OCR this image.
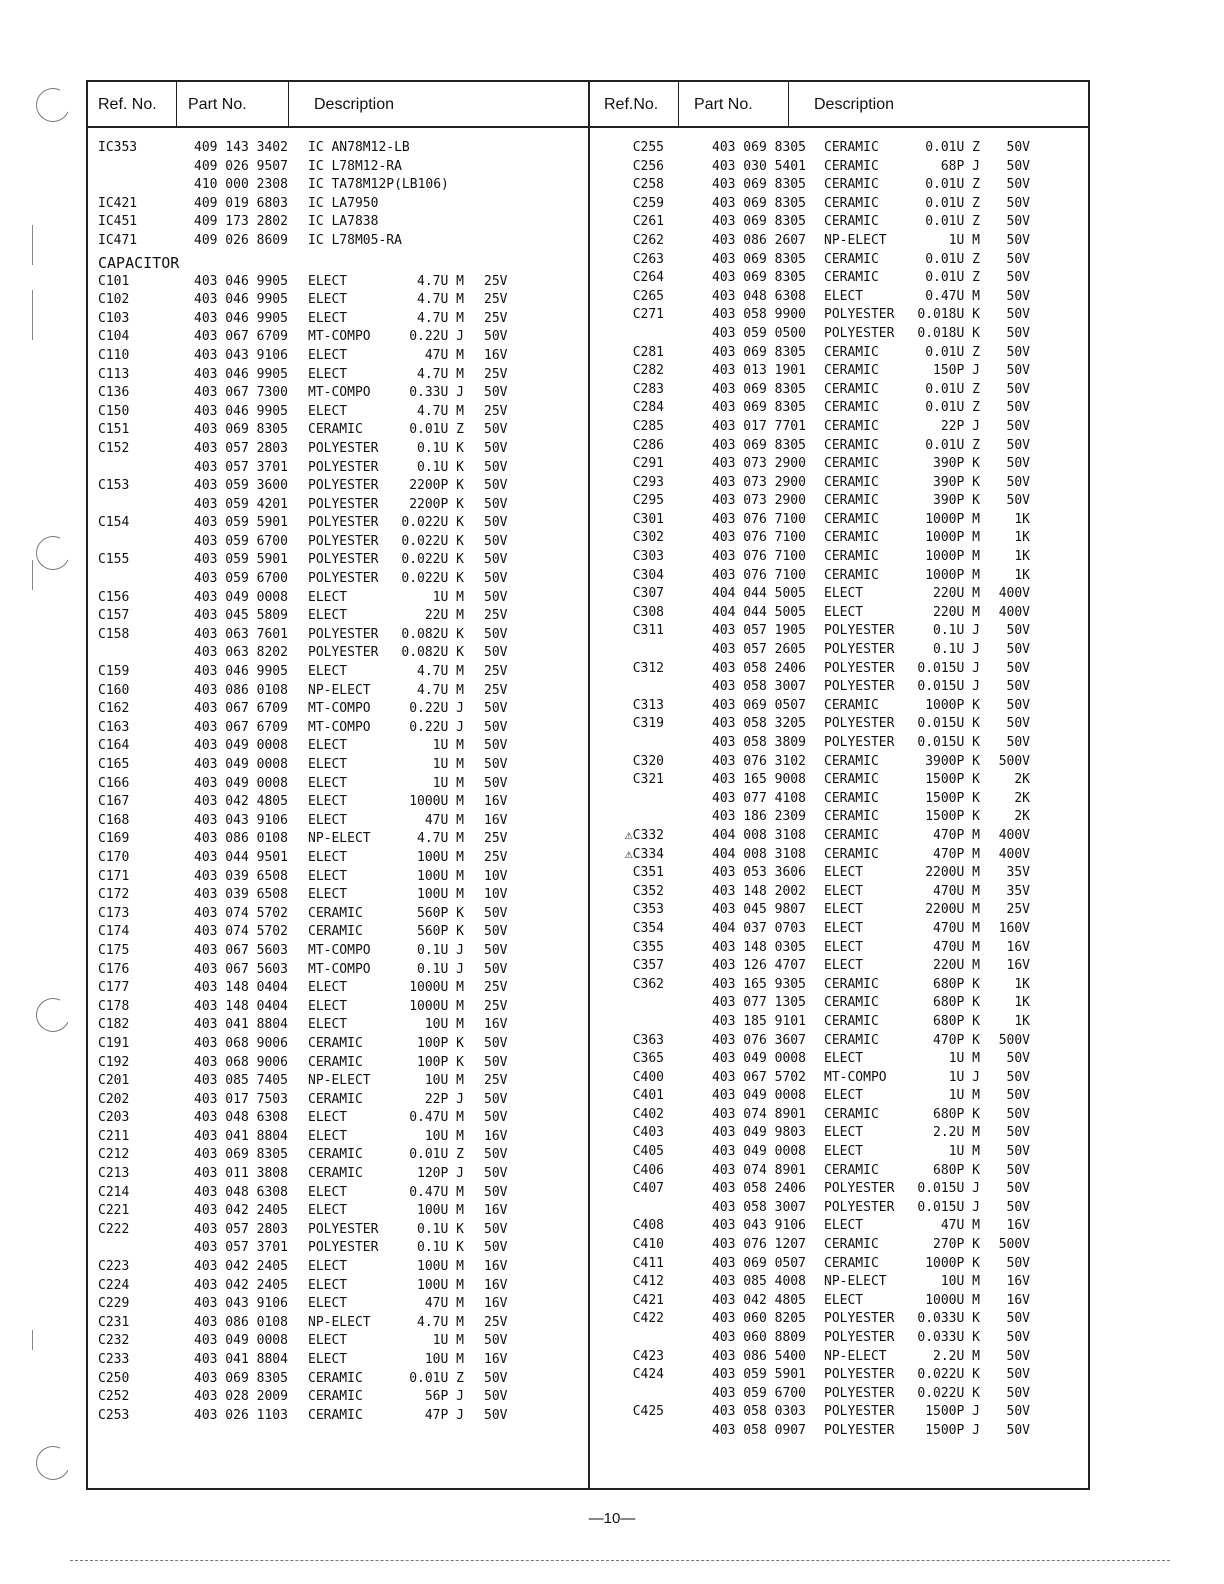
Ref. No. Part No.	Description	Ref.No. Part No.	Description
IC353	409 143 3402 IC AN78M12-LB
409 026 9507 IC L78M12-RA
410 000 2308 IC TA78M12P(LB106)
IC421	409 019 6803 IC LA7950
IC451	409 173 2802 IC LA7838
IC471	409 026 8609 IC L78M05-RA
CAPACITOR
C101	403 046 9905 ELECT	4.7U M 25V
C102	403 046 9905 ELECT	4.7U M 25V
C103	403 046 9905 ELECT	4.7U M 25V
C104	403 067 6709 MT-COMPO	0.22U J 50V
C110	403 043 9106 ELECT	47U M 16V
C113	403 046 9905 ELECT	4.7U M 25V
C136	403 067 7300 MT-COMPO	0.33U J 50V
C150	403 046 9905 ELECT	4.7U M 25V
C151	403 069 8305 CERAMIC	0.01U Z 50V
C152	403 057 2803 POLYESTER	0.1U K 50V
403 057 3701 POLYESTER	0.1U K 50V
C153	403 059 3600 POLYESTER	2200P K 50V
403 059 4201 POLYESTER	2200P K 50V
C154	403 059 5901 POLYESTER	0.022U K 50V
403 059 6700 POLYESTER	0.022U K 50V
C155	403 059 5901 POLYESTER	0.022U K 50V
403 059 6700 POLYESTER	0.022U K 50V
C156	403 049 0008 ELECT	1U M 50V
C157	403 045 5809 ELECT	22U M 25V
C158	403 063 7601 POLYESTER	0.082U K 50V
403 063 8202 POLYESTER	0.082U K 50V
C159	403 046 9905 ELECT	4.7U M 25V
C160	403 086 0108 NP-ELECT	4.7U M 25V
C162	403 067 6709 MT-COMPO	0.22U J 50V
C163	403 067 6709 MT-COMPO	0.22U J 50V
C164	403 049 0008 ELECT	1U M 50V
C165	403 049 0008 ELECT	1U M 50V
C166	403 049 0008 ELECT	1U M 50V
C167	403 042 4805 ELECT	1000U M 16V
C168	403 043 9106 ELECT	47U M 16V
C169	403 086 0108 NP-ELECT	4.7U M 25V
C170	403 044 9501 ELECT	100U M 25V
C171	403 039 6508 ELECT	100U M 10V
C172	403 039 6508 ELECT	100U M 10V
C173	403 074 5702 CERAMIC	560P K 50V
C174	403 074 5702 CERAMIC	560P K 50V
C175	403 067 5603 MT-COMPO	0.1U J 50V
C176	403 067 5603 MT-COMPO	0.1U J 50V
C177	403 148 0404 ELECT	1000U M 25V
C178	403 148 0404 ELECT	1000U M 25V
C182	403 041 8804 ELECT	10U M 16V
C191	403 068 9006 CERAMIC	100P K 50V
C192	403 068 9006 CERAMIC	100P K 50V
C201	403 085 7405 NP-ELECT	10U M 25V
C202	403 017 7503 CERAMIC	22P J 50V
C203	403 048 6308 ELECT	0.47U M 50V
C211	403 041 8804 ELECT	10U M 16V
C212	403 069 8305 CERAMIC	0.01U Z 50V
C213	403 011 3808 CERAMIC	120P J 50V
C214	403 048 6308 ELECT	0.47U M 50V
C221	403 042 2405 ELECT	100U M 16V
C222	403 057 2803 POLYESTER	0.1U K 50V
403 057 3701 POLYESTER	0.1U K 50V
C223	403 042 2405 ELECT	100U M 16V
C224	403 042 2405 ELECT	100U M 16V
C229	403 043 9106 ELECT	47U M 16V
C231	403 086 0108 NP-ELECT	4.7U M 25V
C232	403 049 0008 ELECT	1U M 50V
C233	403 041 8804 ELECT	10U M 16V
C250	403 069 8305 CERAMIC	0.01U Z 50V
C252	403 028 2009 CERAMIC	56P J 50V
C253	403 026 1103 CERAMIC	47P J 50V
C255	403 069 8305 CERAMIC	0.01U Z	50V
C256	403 030 5401 CERAMIC	68P J	50V
C258	403 069 8305 CERAMIC	0.01U Z	50V
C259	403 069 8305 CERAMIC	0.01U Z	50V
C261	403 069 8305 CERAMIC	0.01U Z	50V
C262	403 086 2607 NP-ELECT	1U M	50V
C263	403 069 8305 CERAMIC	0.01U Z	50V
C264	403 069 8305 CERAMIC	0.01U Z	50V
C265	403 048 6308 ELECT	0.47U M	50V
C271	403 058 9900 POLYESTER	0.018U K	50V
403 059 0500 POLYESTER	0.018U K	50V
C281	403 069 8305 CERAMIC	0.01U Z	50V
C282	403 013 1901 CERAMIC	150P J	50V
C283	403 069 8305 CERAMIC	0.01U Z	50V
C284	403 069 8305 CERAMIC	0.01U Z	50V
C285	403 017 7701 CERAMIC	22P J	50V
C286	403 069 8305 CERAMIC	0.01U Z	50V
C291	403 073 2900 CERAMIC	390P K	50V
C293	403 073 2900 CERAMIC	390P K	50V
C295	403 073 2900 CERAMIC	390P K	50V
C301	403 076 7100 CERAMIC	1000P M	1K
C302	403 076 7100 CERAMIC	1000P M	1K
C303	403 076 7100 CERAMIC	1000P M	1K
C304	403 076 7100 CERAMIC	1000P M	1K
C307	404 044 5005 ELECT	220U M	400V
C308	404 044 5005 ELECT	220U M	400V
C311	403 057 1905 POLYESTER	0.1U J	50V
403 057 2605 POLYESTER	0.1U J	50V
C312	403 058 2406 POLYESTER	0.015U J	50V
403 058 3007 POLYESTER	0.015U J	50V
C313	403 069 0507 CERAMIC	1000P K	50V
C319	403 058 3205 POLYESTER	0.015U K	50V
403 058 3809 POLYESTER	0.015U K	50V
C320	403 076 3102 CERAMIC	3900P K	500V
C321	403 165 9008 CERAMIC	1500P K	2K
403 077 4108 CERAMIC	1500P K	2K
403 186 2309 CERAMIC	1500P K	2K
⚠C332	404 008 3108 CERAMIC	470P M	400V
⚠C334	404 008 3108 CERAMIC	470P M	400V
C351	403 053 3606 ELECT	2200U M	35V
C352	403 148 2002 ELECT	470U M	35V
C353	403 045 9807 ELECT	2200U M	25V
C354	404 037 0703 ELECT	470U M	160V
C355	403 148 0305 ELECT	470U M	16V
C357	403 126 4707 ELECT	220U M	16V
C362	403 165 9305 CERAMIC	680P K	1K
403 077 1305 CERAMIC	680P K	1K
403 185 9101 CERAMIC	680P K	1K
C363	403 076 3607 CERAMIC	470P K	500V
C365	403 049 0008 ELECT	1U M	50V
C400	403 067 5702 MT-COMPO	1U J	50V
C401	403 049 0008 ELECT	1U M	50V
C402	403 074 8901 CERAMIC	680P K	50V
C403	403 049 9803 ELECT	2.2U M	50V
C405	403 049 0008 ELECT	1U M	50V
C406	403 074 8901 CERAMIC	680P K	50V
C407	403 058 2406 POLYESTER	0.015U J	50V
403 058 3007 POLYESTER	0.015U J	50V
C408	403 043 9106 ELECT	47U M	16V
C410	403 076 1207 CERAMIC	270P K	500V
C411	403 069 0507 CERAMIC	1000P K	50V
C412	403 085 4008 NP-ELECT	10U M	16V
C421	403 042 4805 ELECT	1000U M	16V
C422	403 060 8205 POLYESTER	0.033U K	50V
403 060 8809 POLYESTER	0.033U K	50V
C423	403 086 5400 NP-ELECT	2.2U M	50V
C424	403 059 5901 POLYESTER	0.022U K	50V
403 059 6700 POLYESTER	0.022U K	50V
C425	403 058 0303 POLYESTER	1500P J	50V
403 058 0907 POLYESTER	1500P J	50V
—10—
